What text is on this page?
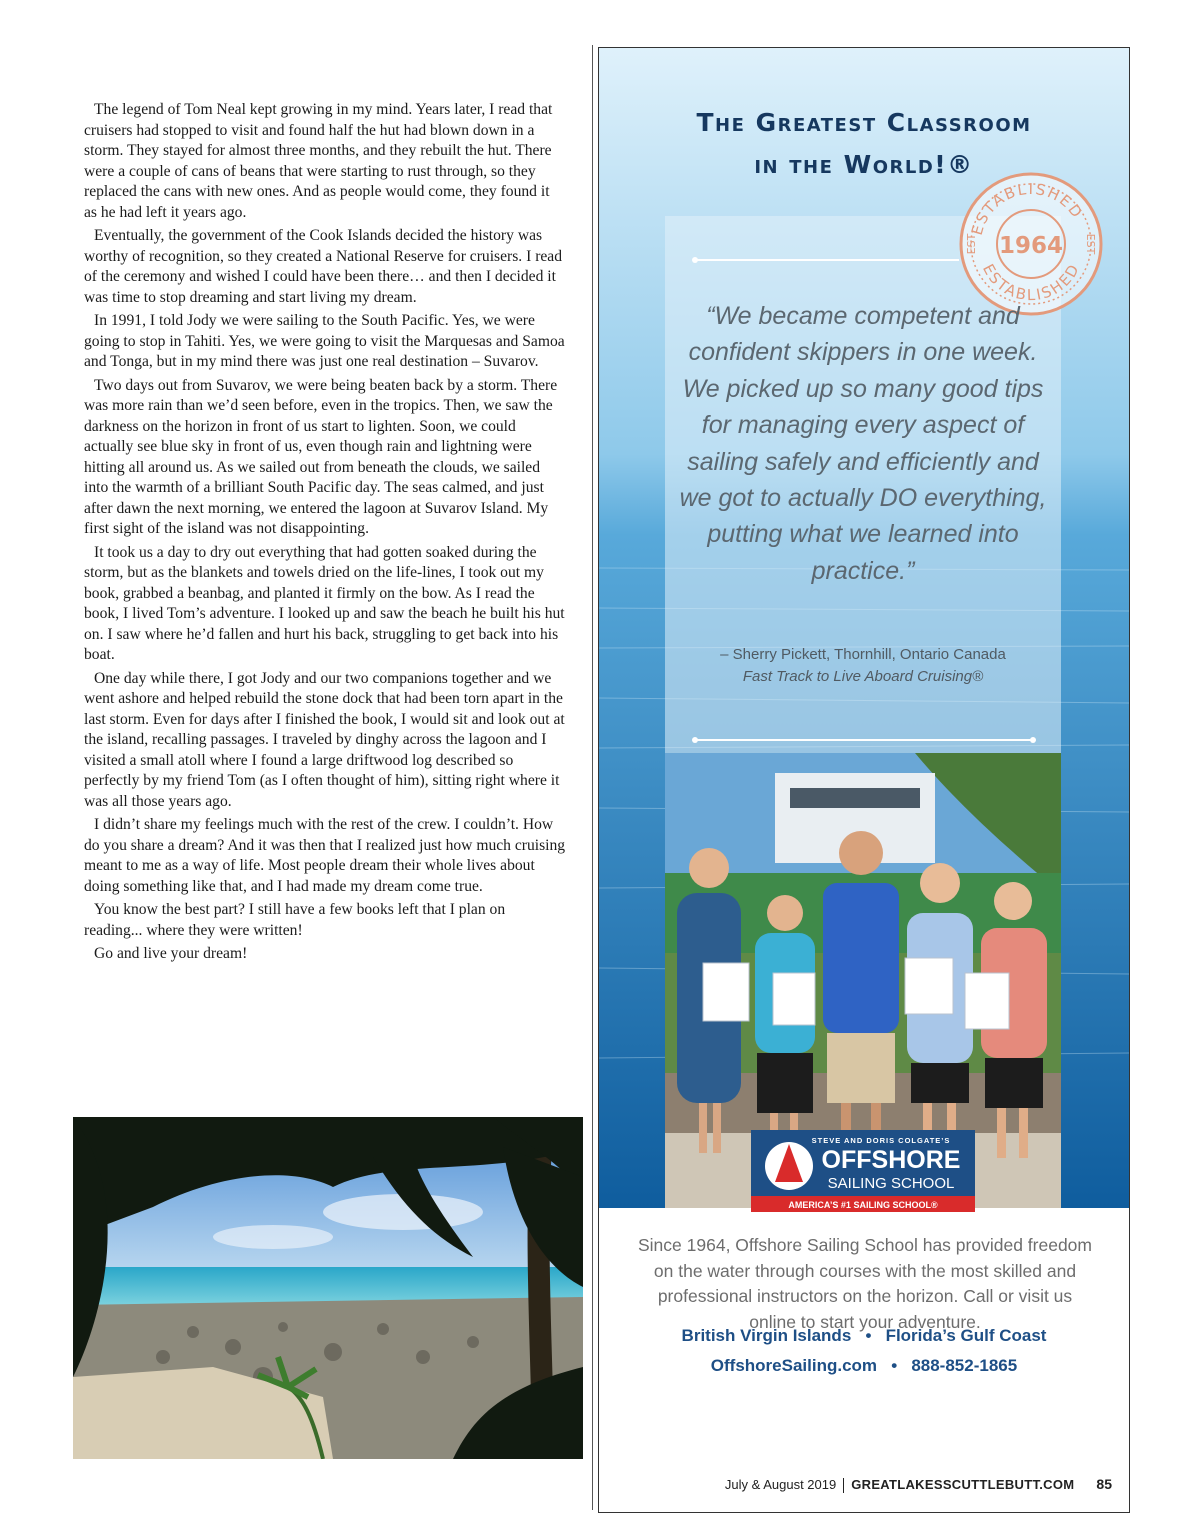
The legend of Tom Neal kept growing in my mind. Years later, I read that cruisers had stopped to visit and found half the hut had blown down in a storm. They stayed for almost three months, and they rebuilt the hut. There were a couple of cans of beans that were starting to rust through, so they replaced the cans with new ones. And as people would come, they found it as he had left it years ago.

Eventually, the government of the Cook Islands decided the history was worthy of recognition, so they created a National Reserve for cruisers. I read of the ceremony and wished I could have been there… and then I decided it was time to stop dreaming and start living my dream.

In 1991, I told Jody we were sailing to the South Pacific. Yes, we were going to stop in Tahiti. Yes, we were going to visit the Marquesas and Samoa and Tonga, but in my mind there was just one real destination – Suvarov.

Two days out from Suvarov, we were being beaten back by a storm. There was more rain than we’d seen before, even in the tropics. Then, we saw the darkness on the horizon in front of us start to lighten. Soon, we could actually see blue sky in front of us, even though rain and lightning were hitting all around us. As we sailed out from beneath the clouds, we sailed into the warmth of a brilliant South Pacific day. The seas calmed, and just after dawn the next morning, we entered the lagoon at Suvarov Island. My first sight of the island was not disappointing.

It took us a day to dry out everything that had gotten soaked during the storm, but as the blankets and towels dried on the life-lines, I took out my book, grabbed a beanbag, and planted it firmly on the bow. As I read the book, I lived Tom’s adventure. I looked up and saw the beach he built his hut on. I saw where he’d fallen and hurt his back, struggling to get back into his boat.

One day while there, I got Jody and our two companions together and we went ashore and helped rebuild the stone dock that had been torn apart in the last storm. Even for days after I finished the book, I would sit and look out at the island, recalling passages. I traveled by dinghy across the lagoon and I visited a small atoll where I found a large driftwood log described so perfectly by my friend Tom (as I often thought of him), sitting right where it was all those years ago.

I didn’t share my feelings much with the rest of the crew. I couldn’t. How do you share a dream? And it was then that I realized just how much cruising meant to me as a way of life. Most people dream their whole lives about doing something like that, and I had made my dream come true.

You know the best part? I still have a few books left that I plan on reading... where they were written!

Go and live your dream!

The Greatest Classroom
in the World!®
ESTABLISHED
1964
ESTABLISHED
EST	EST
“We became competent and confident skippers in one week. We picked up so many good tips for managing every aspect of sailing safely and efficiently and we got to actually DO everything, putting what we learned into practice.”
– Sherry Pickett, Thornhill, Ontario Canada
Fast Track to Live Aboard Cruising®
STEVE AND DORIS COLGATE’S
OFFSHORE
SAILING SCHOOL
AMERICA’S #1 SAILING SCHOOL®
Since 1964, Offshore Sailing School has provided freedom on the water through courses with the most skilled and professional instructors on the horizon. Call or visit us online to start your adventure.
British Virgin Islands   •   Florida’s Gulf Coast
OffshoreSailing.com   •   888-852-1865
July & August 2019 GREATLAKESSCUTTLEBUTT.COM 85
